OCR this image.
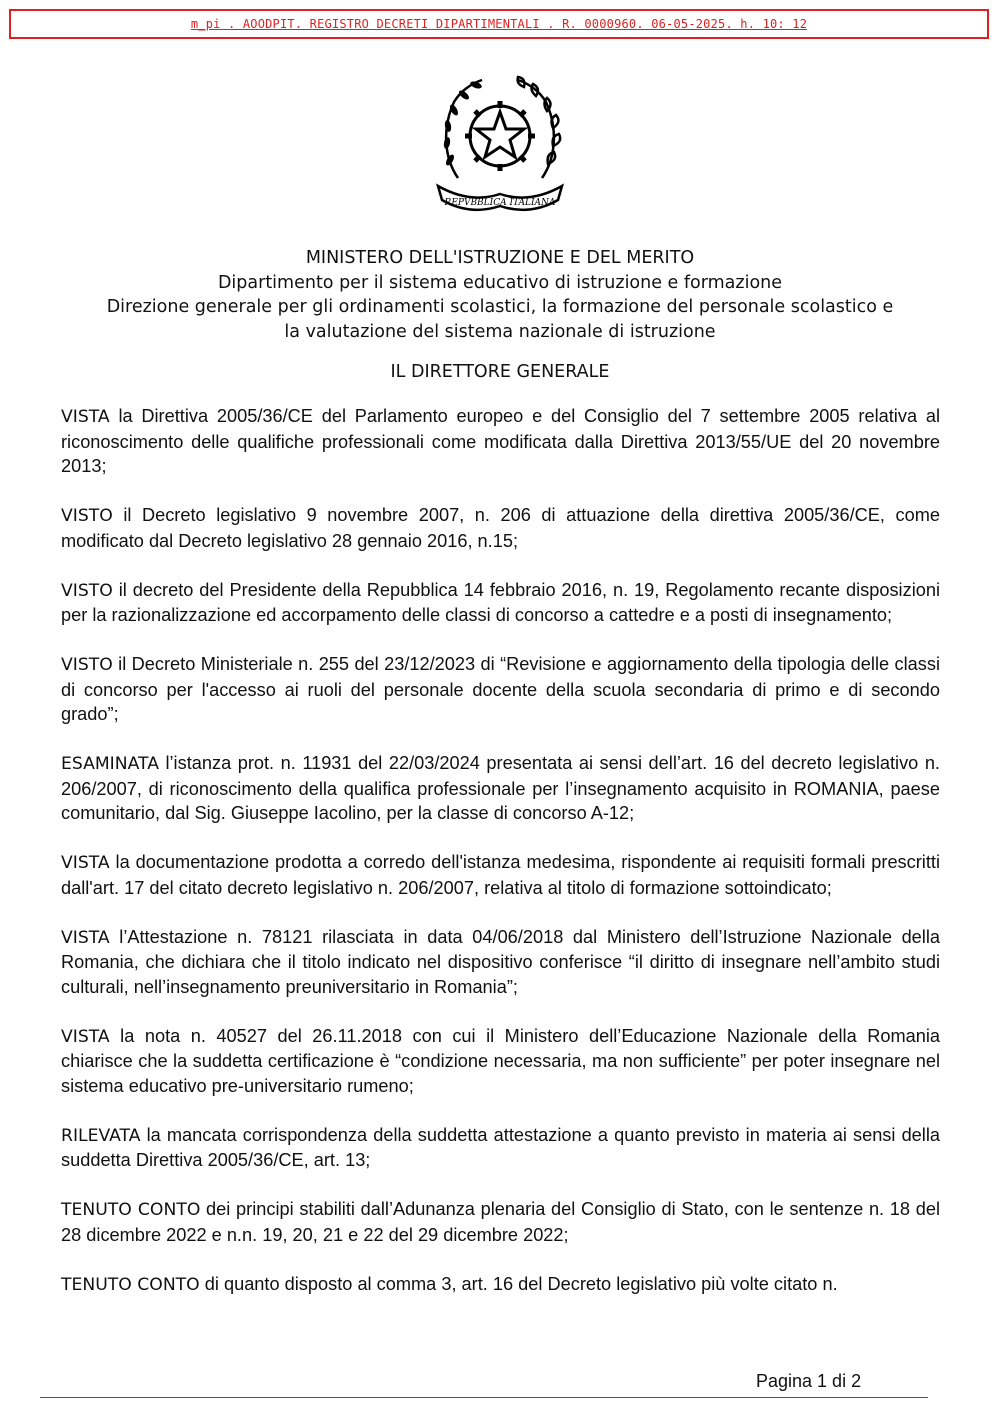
m_pi . AOODPIT. REGISTRO DECRETI DIPARTIMENTALI . R. 0000960. 06-05-2025. h. 10: 12
REPVBBLICA ITALIANA
MINISTERO DELL'ISTRUZIONE E DEL MERITO
Dipartimento per il sistema educativo di istruzione e formazione
Direzione generale per gli ordinamenti scolastici, la formazione del personale scolastico e
la valutazione del sistema nazionale di istruzione
IL DIRETTORE GENERALE

VISTA la Direttiva 2005/36/CE del Parlamento europeo e del Consiglio del 7 settembre 2005 relativa al riconoscimento delle qualifiche professionali come modificata dalla Direttiva 2013/55/UE del 20 novembre 2013;

VISTO il Decreto legislativo 9 novembre 2007, n. 206 di attuazione della direttiva 2005/36/CE, come modificato dal Decreto legislativo 28 gennaio 2016, n.15;

VISTO il decreto del Presidente della Repubblica 14 febbraio 2016, n. 19, Regolamento recante disposizioni per la razionalizzazione ed accorpamento delle classi di concorso a cattedre e a posti di insegnamento;

VISTO il Decreto Ministeriale n. 255 del 23/12/2023 di “Revisione e aggiornamento della tipologia delle classi di concorso per l'accesso ai ruoli del personale docente della scuola secondaria di primo e di secondo grado”;

ESAMINATA l’istanza prot. n. 11931 del 22/03/2024 presentata ai sensi dell’art. 16 del decreto legislativo n. 206/2007, di riconoscimento della qualifica professionale per l’insegnamento acquisito in ROMANIA, paese comunitario, dal Sig. Giuseppe Iacolino, per la classe di concorso A-12;

VISTA la documentazione prodotta a corredo dell'istanza medesima, rispondente ai requisiti formali prescritti dall'art. 17 del citato decreto legislativo n. 206/2007, relativa al titolo di formazione sottoindicato;

VISTA l’Attestazione n. 78121 rilasciata in data 04/06/2018 dal Ministero dell’Istruzione Nazionale della Romania, che dichiara che il titolo indicato nel dispositivo conferisce “il diritto di insegnare nell’ambito studi culturali, nell’insegnamento preuniversitario in Romania”;

VISTA la nota n. 40527 del 26.11.2018 con cui il Ministero dell’Educazione Nazionale della Romania chiarisce che la suddetta certificazione è “condizione necessaria, ma non sufficiente” per poter insegnare nel sistema educativo pre-universitario rumeno;

RILEVATA la mancata corrispondenza della suddetta attestazione a quanto previsto in materia ai sensi della suddetta Direttiva 2005/36/CE, art. 13;

TENUTO CONTO dei principi stabiliti dall’Adunanza plenaria del Consiglio di Stato, con le sentenze n. 18 del 28 dicembre 2022 e n.n. 19, 20, 21 e 22 del 29 dicembre 2022;

TENUTO CONTO di quanto disposto al comma 3, art. 16 del Decreto legislativo più volte citato n.

Pagina 1 di 2
